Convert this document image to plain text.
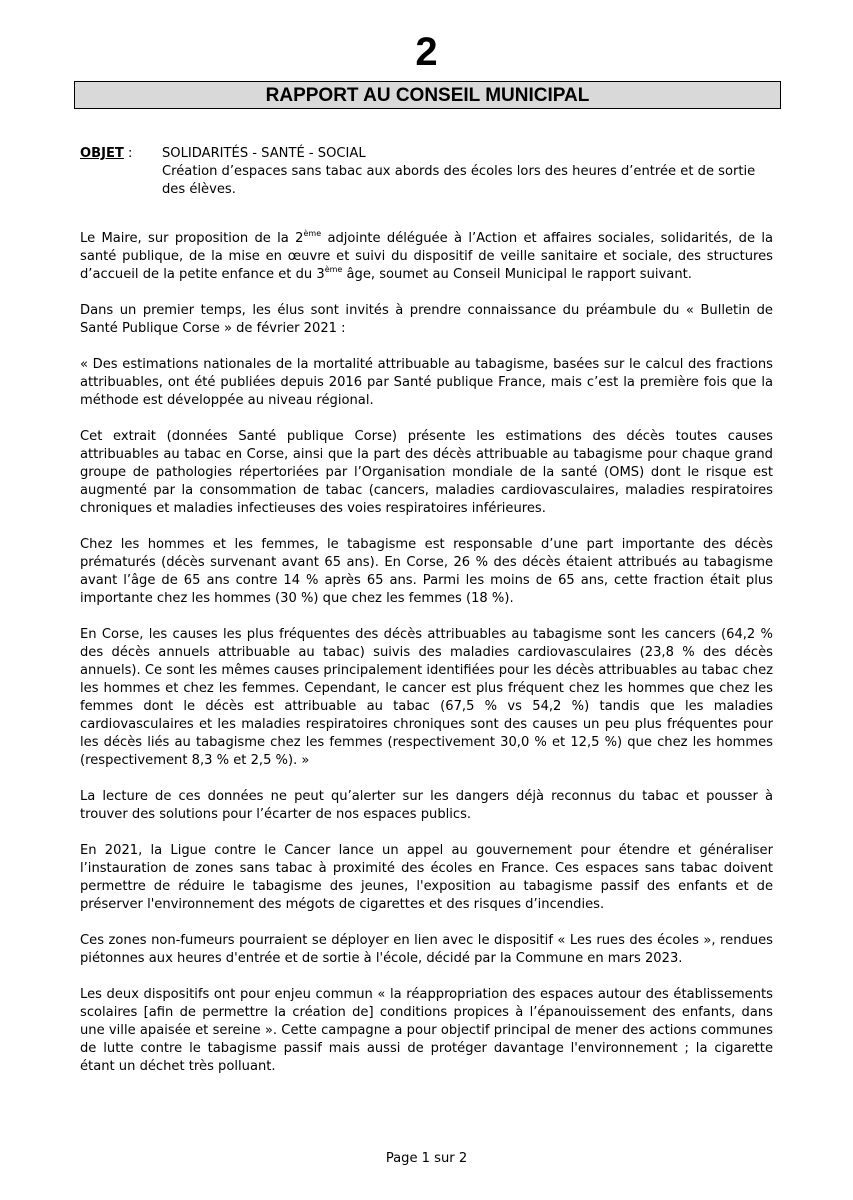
2
RAPPORT AU CONSEIL MUNICIPAL
OBJET : SOLIDARITÉS - SANTÉ - SOCIAL
Création d’espaces sans tabac aux abords des écoles lors des heures d’entrée et de sortie des élèves.

Le Maire, sur proposition de la 2ème adjointe déléguée à l’Action et affaires sociales, solidarités, de la santé publique, de la mise en œuvre et suivi du dispositif de veille sanitaire et sociale, des structures d’accueil de la petite enfance et du 3ème âge, soumet au Conseil Municipal le rapport suivant.

Dans un premier temps, les élus sont invités à prendre connaissance du préambule du « Bulletin de Santé Publique Corse » de février 2021 :

« Des estimations nationales de la mortalité attribuable au tabagisme, basées sur le calcul des fractions attribuables, ont été publiées depuis 2016 par Santé publique France, mais c’est la première fois que la méthode est développée au niveau régional.

Cet extrait (données Santé publique Corse) présente les estimations des décès toutes causes attribuables au tabac en Corse, ainsi que la part des décès attribuable au tabagisme pour chaque grand groupe de pathologies répertoriées par l’Organisation mondiale de la santé (OMS) dont le risque est augmenté par la consommation de tabac (cancers, maladies cardiovasculaires, maladies respiratoires chroniques et maladies infectieuses des voies respiratoires inférieures.

Chez les hommes et les femmes, le tabagisme est responsable d’une part importante des décès prématurés (décès survenant avant 65 ans). En Corse, 26 % des décès étaient attribués au tabagisme avant l’âge de 65 ans contre 14 % après 65 ans. Parmi les moins de 65 ans, cette fraction était plus importante chez les hommes (30 %) que chez les femmes (18 %).

En Corse, les causes les plus fréquentes des décès attribuables au tabagisme sont les cancers (64,2 % des décès annuels attribuable au tabac) suivis des maladies cardiovasculaires (23,8 % des décès annuels). Ce sont les mêmes causes principalement identifiées pour les décès attribuables au tabac chez les hommes et chez les femmes. Cependant, le cancer est plus fréquent chez les hommes que chez les femmes dont le décès est attribuable au tabac (67,5 % vs 54,2 %) tandis que les maladies cardiovasculaires et les maladies respiratoires chroniques sont des causes un peu plus fréquentes pour les décès liés au tabagisme chez les femmes (respectivement 30,0 % et 12,5 %) que chez les hommes (respectivement 8,3 % et 2,5 %). »

La lecture de ces données ne peut qu’alerter sur les dangers déjà reconnus du tabac et pousser à trouver des solutions pour l’écarter de nos espaces publics.

En 2021, la Ligue contre le Cancer lance un appel au gouvernement pour étendre et généraliser l’instauration de zones sans tabac à proximité des écoles en France. Ces espaces sans tabac doivent permettre de réduire le tabagisme des jeunes, l'exposition au tabagisme passif des enfants et de préserver l'environnement des mégots de cigarettes et des risques d’incendies.

Ces zones non-fumeurs pourraient se déployer en lien avec le dispositif « Les rues des écoles », rendues piétonnes aux heures d'entrée et de sortie à l'école, décidé par la Commune en mars 2023.

Les deux dispositifs ont pour enjeu commun « la réappropriation des espaces autour des établissements scolaires [afin de permettre la création de] conditions propices à l’épanouissement des enfants, dans une ville apaisée et sereine ». Cette campagne a pour objectif principal de mener des actions communes de lutte contre le tabagisme passif mais aussi de protéger davantage l'environnement ; la cigarette étant un déchet très polluant.

Page 1 sur 2
